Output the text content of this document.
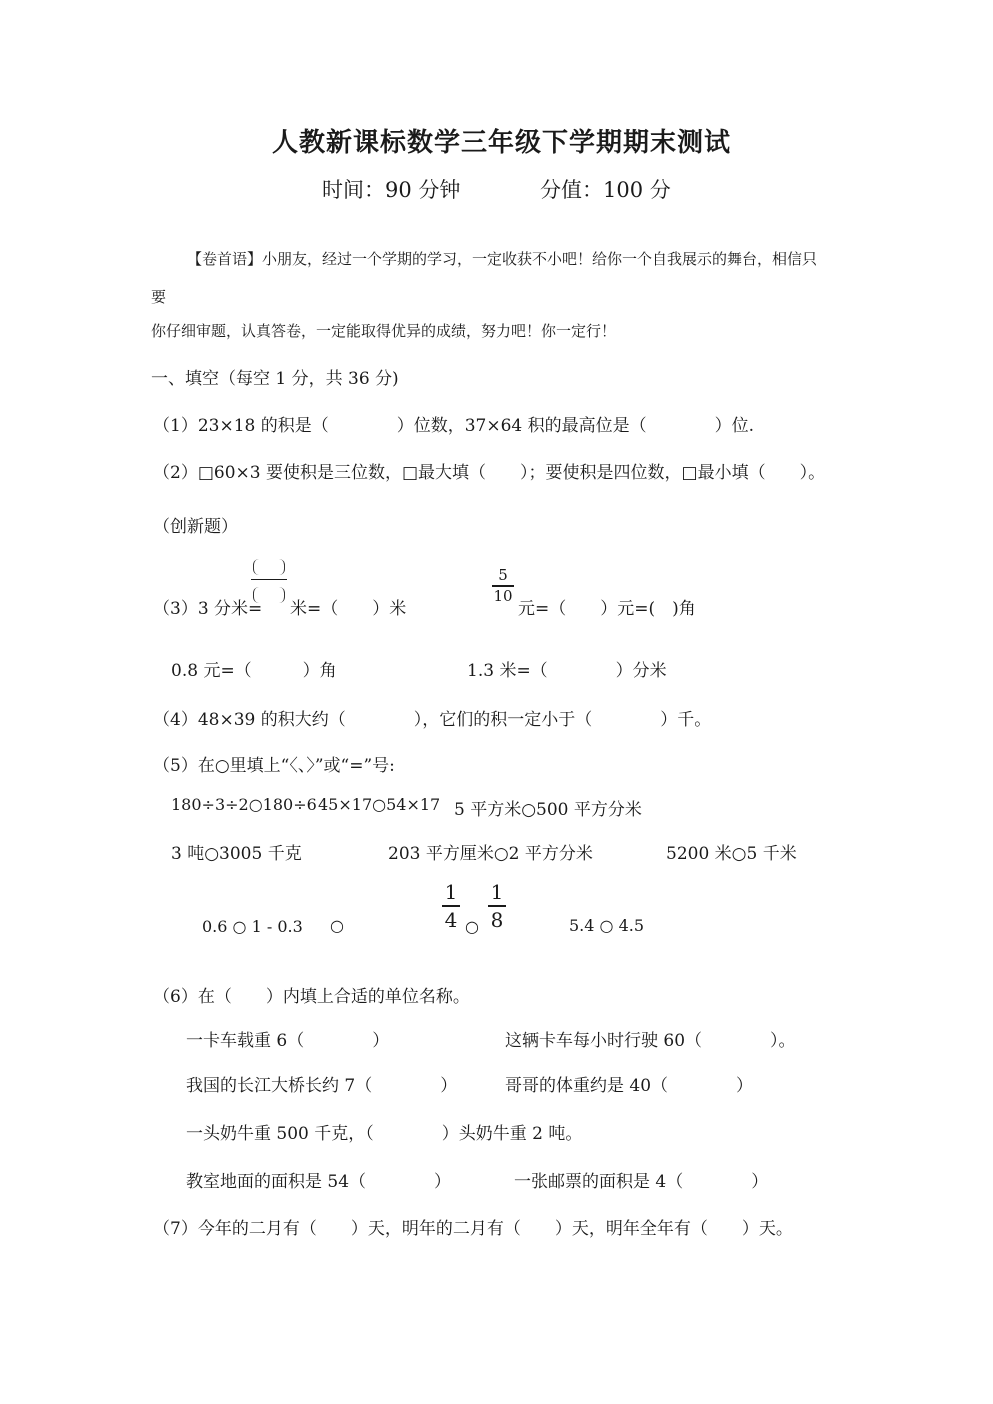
人教新课标数学三年级下学期期末测试
时间：90 分钟	分值：100 分
【卷首语】小朋友，经过一个学期的学习，一定收获不小吧！给你一个自我展示的舞台，相信只
要
你仔细审题，认真答卷，一定能取得优异的成绩，努力吧！你一定行！
一、填空（每空 1 分，共 36 分)
（1）23×18 的积是（　　　　）位数，37×64 积的最高位是（　　　　）位.
（2）□60×3 要使积是三位数，□最大填（　　）；要使积是四位数，□最小填（　　）。
（创新题）
（3）3 分米= 米=（　　）米
5
10
元=（　　）元=(　)角
0.8 元=（　　　）角	1.3 米=（　　　　）分米
（4）48×39 的积大约（　　　　），它们的积一定小于（　　　　）千。
（5）在○里填上“〈、〉”或“=”号:
180÷3÷2○180÷6 45×17○54×17 5 平方米○500 平方分米
3 吨○3005 千克	203 平方厘米○2 平方分米	5200 米○5 千米
0.6 ○ 1 - 0.3 ○
1
4 ○
1
8	5.4 ○ 4.5
（6）在（　　）内填上合适的单位名称。
一卡车载重 6（　　　　）	这辆卡车每小时行驶 60（　　　　）。
我国的长江大桥长约 7（　　　　）	哥哥的体重约是 40（　　　　）
一头奶牛重 500 千克，（　　　　）头奶牛重 2 吨。
教室地面的面积是 54（　　　　）	一张邮票的面积是 4（　　　　）
（7）今年的二月有（　　）天，明年的二月有（　　）天，明年全年有（　　）天。
